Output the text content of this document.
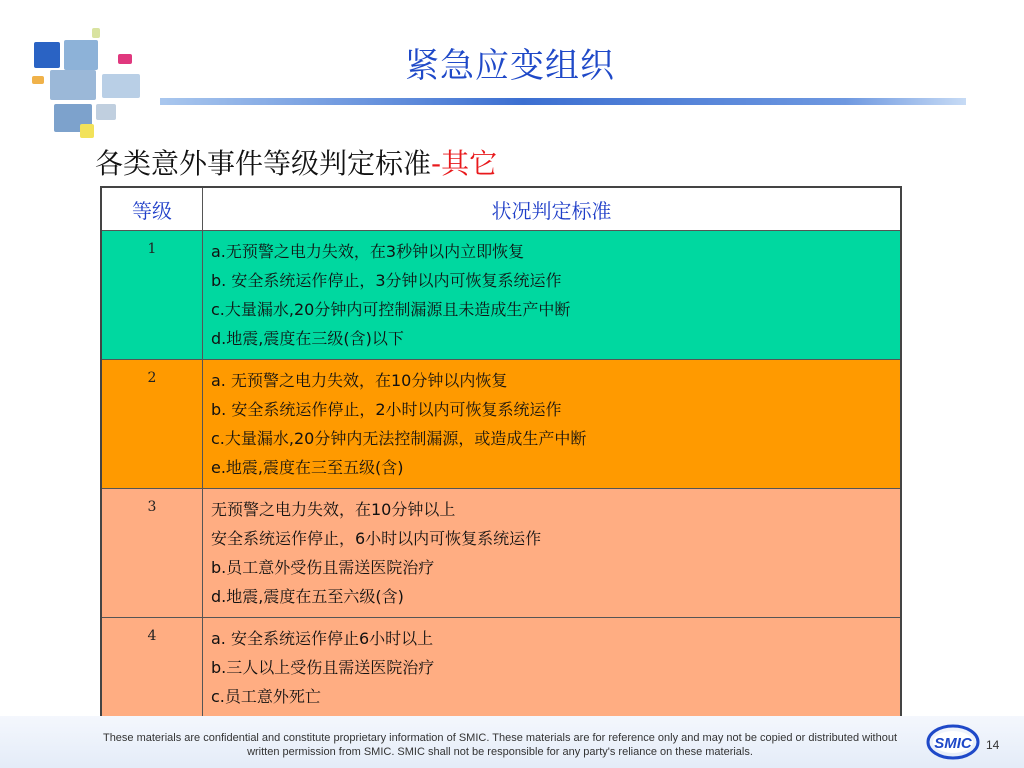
紧急应变组织
各类意外事件等级判定标准-其它
等级	状况判定标准
1	a.无预警之电力失效，在3秒钟以内立即恢复
b. 安全系统运作停止，3分钟以内可恢复系统运作
c.大量漏水,20分钟内可控制漏源且未造成生产中断
d.地震,震度在三级(含)以下

2	a. 无预警之电力失效，在10分钟以内恢复
b. 安全系统运作停止，2小时以内可恢复系统运作
c.大量漏水,20分钟内无法控制漏源，或造成生产中断
e.地震,震度在三至五级(含)

3	无预警之电力失效，在10分钟以上
安全系统运作停止，6小时以内可恢复系统运作
b.员工意外受伤且需送医院治疗
d.地震,震度在五至六级(含)

4	a. 安全系统运作停止6小时以上
b.三人以上受伤且需送医院治疗
c.员工意外死亡
These materials are confidential and constitute proprietary information of SMIC. These materials are for reference only and may not be copied or distributed without
written permission from SMIC. SMIC shall not be responsible for any party's reliance on these materials.	SMIC 14
